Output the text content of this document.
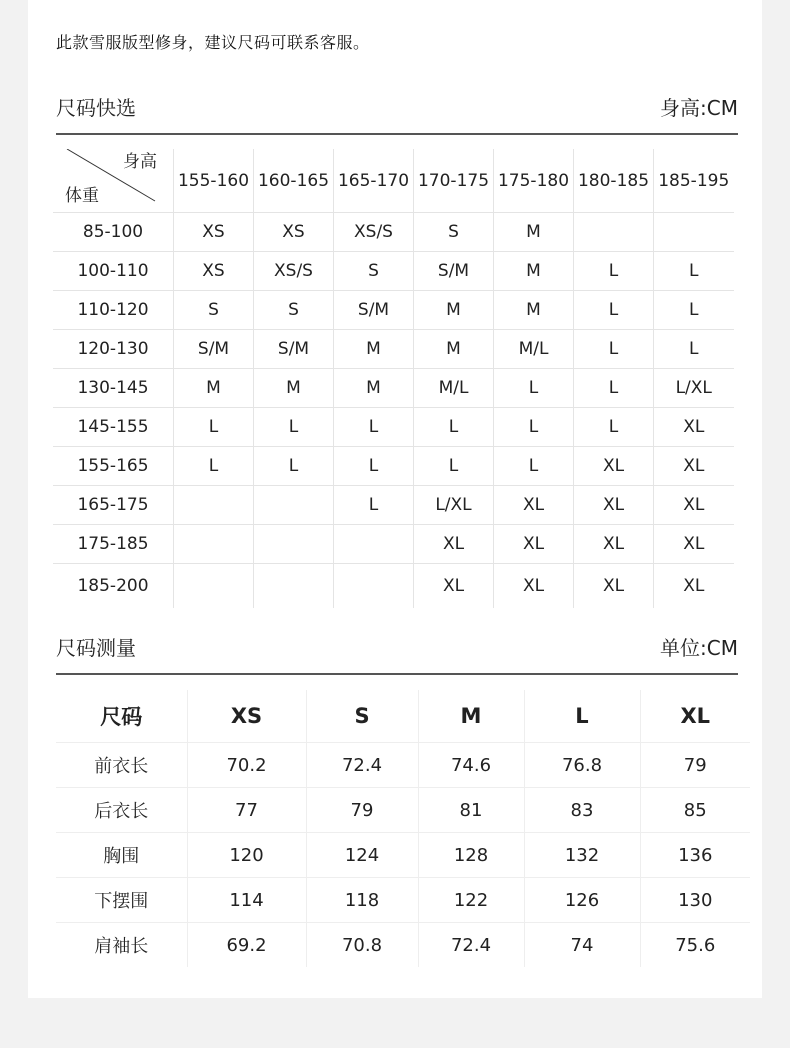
此款雪服版型修身，建议尺码可联系客服。
尺码快选	身高:CM
身高
体重	155-160	160-165	165-170	170-175	175-180	180-185	185-195
85-100	XS	XS	XS/S	S	M		
100-110	XS	XS/S	S	S/M	M	L	L
110-120	S	S	S/M	M	M	L	L
120-130	S/M	S/M	M	M	M/L	L	L
130-145	M	M	M	M/L	L	L	L/XL
145-155	L	L	L	L	L	L	XL
155-165	L	L	L	L	L	XL	XL
165-175			L	L/XL	XL	XL	XL
175-185				XL	XL	XL	XL
185-200				XL	XL	XL	XL
尺码测量	单位:CM
尺码	XS	S	M	L	XL
前衣长	70.2	72.4	74.6	76.8	79
后衣长	77	79	81	83	85
胸围	120	124	128	132	136
下摆围	114	118	122	126	130
肩袖长	69.2	70.8	72.4	74	75.6
